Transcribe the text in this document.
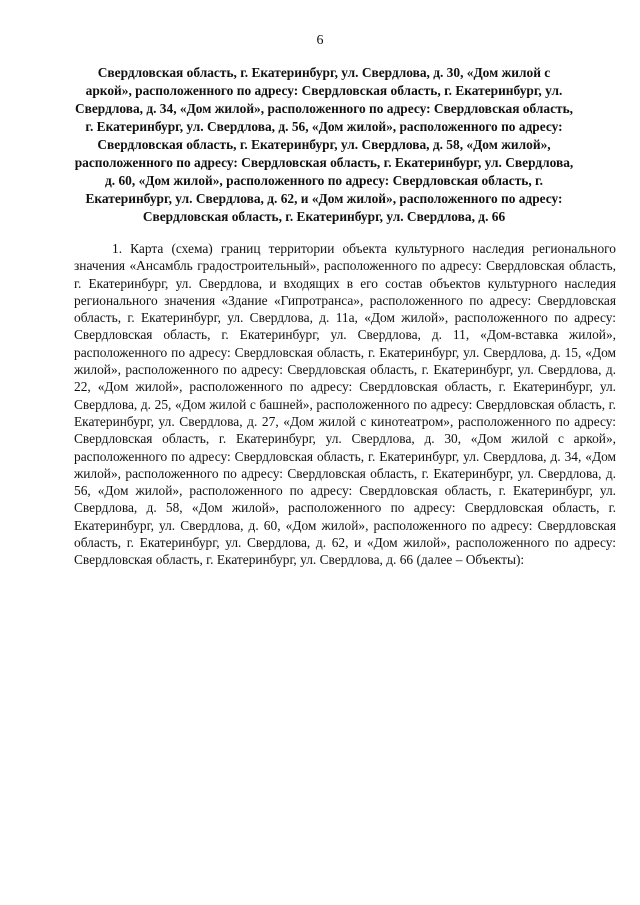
6
Свердловская область, г. Екатеринбург, ул. Свердлова, д. 30, «Дом жилой с аркой», расположенного по адресу: Свердловская область, г. Екатеринбург, ул. Свердлова, д. 34, «Дом жилой», расположенного по адресу: Свердловская область, г. Екатеринбург, ул. Свердлова, д. 56, «Дом жилой», расположенного по адресу: Свердловская область, г. Екатеринбург, ул. Свердлова, д. 58, «Дом жилой», расположенного по адресу: Свердловская область, г. Екатеринбург, ул. Свердлова, д. 60, «Дом жилой», расположенного по адресу: Свердловская область, г. Екатеринбург, ул. Свердлова, д. 62, и «Дом жилой», расположенного по адресу: Свердловская область, г. Екатеринбург, ул. Свердлова, д. 66

1. Карта (схема) границ территории объекта культурного наследия регионального значения «Ансамбль градостроительный», расположенного по адресу: Свердловская область, г. Екатеринбург, ул. Свердлова, и входящих в его состав объектов культурного наследия регионального значения «Здание «Гипротранса», расположенного по адресу: Свердловская область, г. Екатеринбург, ул. Свердлова, д. 11а, «Дом жилой», расположенного по адресу: Свердловская область, г. Екатеринбург, ул. Свердлова, д. 11, «Дом-вставка жилой», расположенного по адресу: Свердловская область, г. Екатеринбург, ул. Свердлова, д. 15, «Дом жилой», расположенного по адресу: Свердловская область, г. Екатеринбург, ул. Свердлова, д. 22, «Дом жилой», расположенного по адресу: Свердловская область, г. Екатеринбург, ул. Свердлова, д. 25, «Дом жилой с башней», расположенного по адресу: Свердловская область, г. Екатеринбург, ул. Свердлова, д. 27, «Дом жилой с кинотеатром», расположенного по адресу: Свердловская область, г. Екатеринбург, ул. Свердлова, д. 30, «Дом жилой с аркой», расположенного по адресу: Свердловская область, г. Екатеринбург, ул. Свердлова, д. 34, «Дом жилой», расположенного по адресу: Свердловская область, г. Екатеринбург, ул. Свердлова, д. 56, «Дом жилой», расположенного по адресу: Свердловская область, г. Екатеринбург, ул. Свердлова, д. 58, «Дом жилой», расположенного по адресу: Свердловская область, г. Екатеринбург, ул. Свердлова, д. 60, «Дом жилой», расположенного по адресу: Свердловская область, г. Екатеринбург, ул. Свердлова, д. 62, и «Дом жилой», расположенного по адресу: Свердловская область, г. Екатеринбург, ул. Свердлова, д. 66 (далее – Объекты):
